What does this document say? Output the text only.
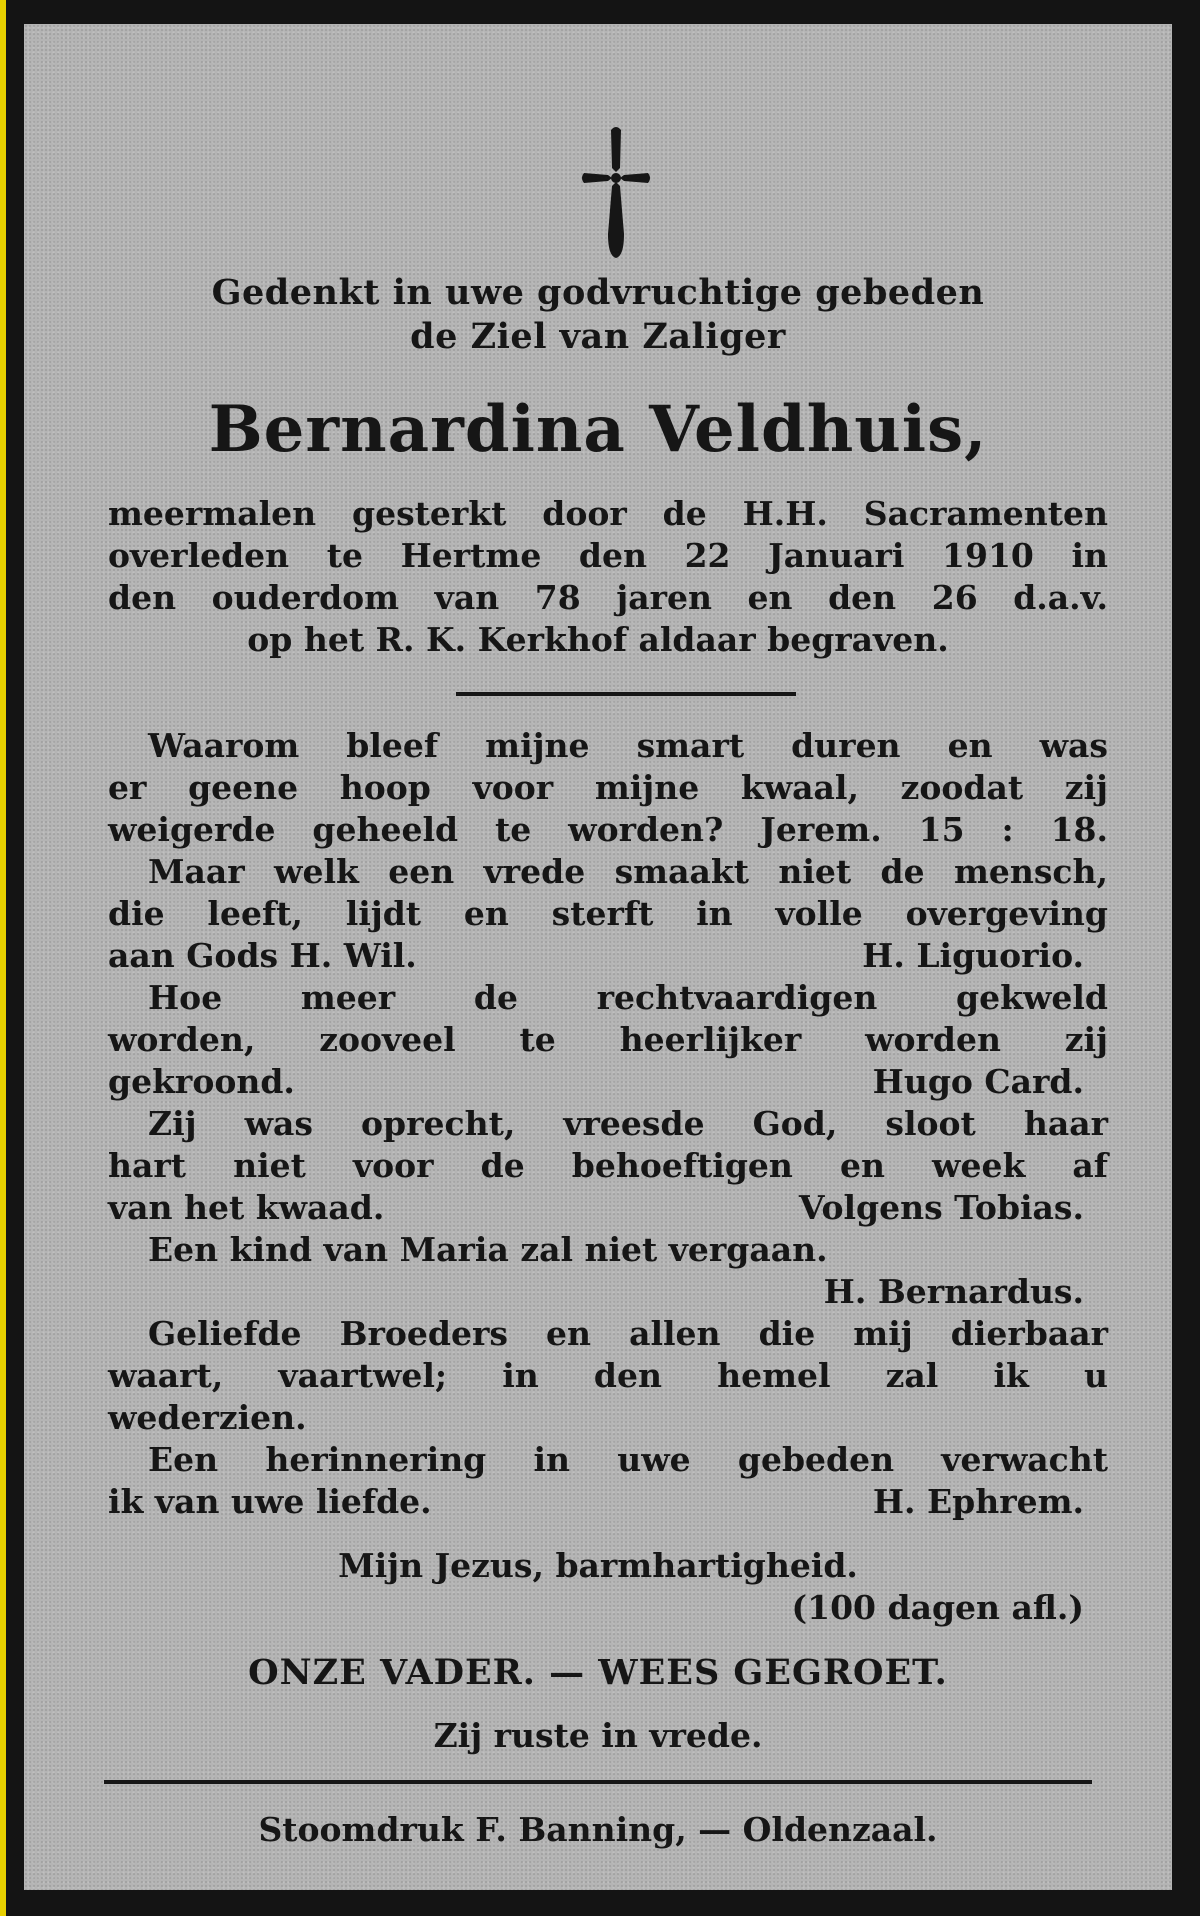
Gedenkt in uwe godvruchtige gebeden
de Ziel van Zaliger
Bernardina Veldhuis,
meermalen gesterkt door de H.H. Sacramenten
overleden te Hertme den 22 Januari 1910 in
den ouderdom van 78 jaren en den 26 d.a.v.
op het R. K. Kerkhof aldaar begraven.
Waarom bleef mijne smart duren en was
er geene hoop voor mijne kwaal, zoodat zij
weigerde geheeld te worden? Jerem. 15 : 18.
Maar welk een vrede smaakt niet de mensch,
die leeft, lijdt en sterft in volle overgeving
aan Gods H. Wil.	H. Liguorio.
Hoe meer de rechtvaardigen gekweld
worden, zooveel te heerlijker worden zij
gekroond.	Hugo Card.
Zij was oprecht, vreesde God, sloot haar
hart niet voor de behoeftigen en week af
van het kwaad.	Volgens Tobias.
Een kind van Maria zal niet vergaan.
H. Bernardus.
Geliefde Broeders en allen die mij dierbaar
waart, vaartwel; in den hemel zal ik u
wederzien.
Een herinnering in uwe gebeden verwacht
ik van uwe liefde.	H. Ephrem.
Mijn Jezus, barmhartigheid.
(100 dagen afl.)
ONZE VADER. — WEES GEGROET.
Zij ruste in vrede.
Stoomdruk F. Banning, — Oldenzaal.
